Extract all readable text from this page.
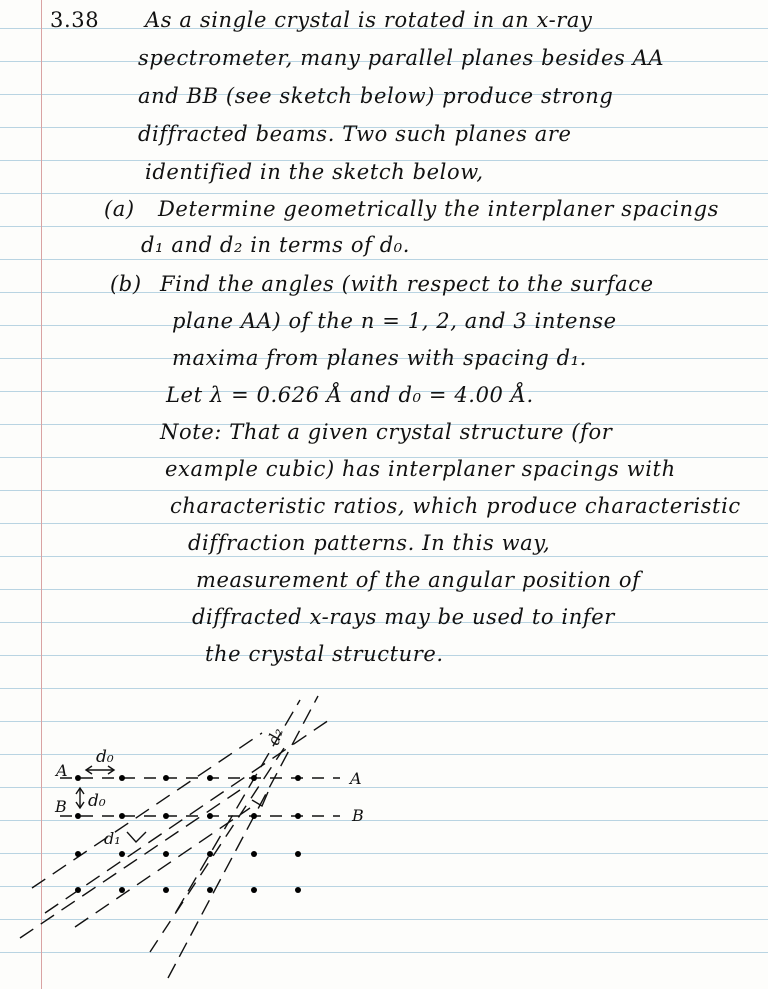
3.38 As a single crystal is rotated in an x-ray
spectrometer, many parallel planes besides AA
and BB (see sketch below) produce strong
diffracted beams. Two such planes are
identified in the sketch below,
(a) Determine geometrically the interplaner spacings
d₁ and d₂ in terms of d₀.
(b) Find the angles (with respect to the surface
plane AA) of the n = 1, 2, and 3 intense
maxima from planes with spacing d₁.
Let λ = 0.626 Å and d₀ = 4.00 Å.
Note: That a given crystal structure (for
example cubic) has interplaner spacings with
characteristic ratios, which produce characteristic
diffraction patterns. In this way,
measurement of the angular position of
diffracted x-rays may be used to infer
the crystal structure.
A
B
A
B
d₀
d₀
d₁
d₂
